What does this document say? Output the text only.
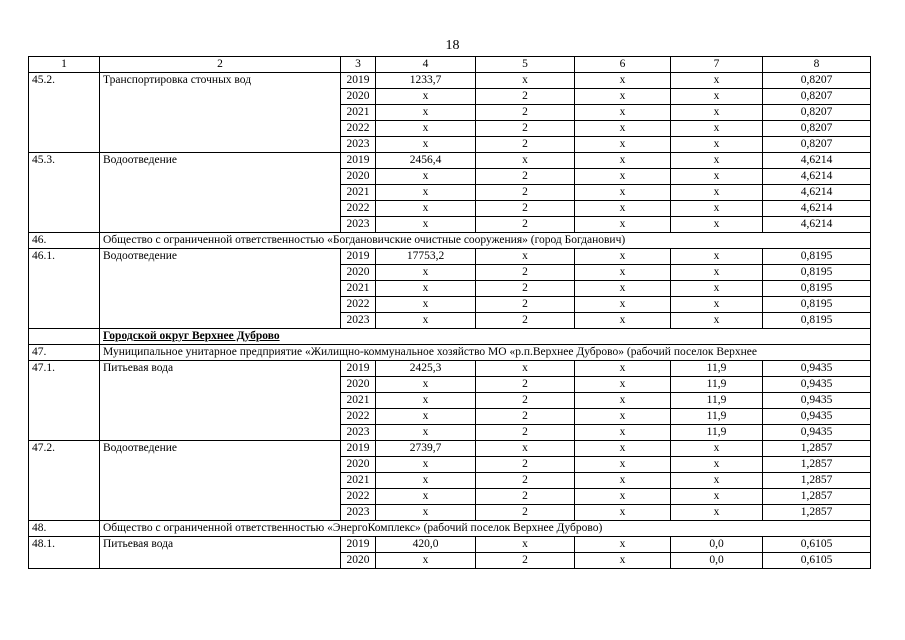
18
1	2	3	4	5	6	7	8
45.2.	Транспортировка сточных вод	2019	1233,7	x	x	x	0,8207
		2020	x	2	x	x	0,8207
		2021	x	2	x	x	0,8207
		2022	x	2	x	x	0,8207
		2023	x	2	x	x	0,8207
45.3.	Водоотведение	2019	2456,4	x	x	x	4,6214
		2020	x	2	x	x	4,6214
		2021	x	2	x	x	4,6214
		2022	x	2	x	x	4,6214
		2023	x	2	x	x	4,6214
46.	Общество с ограниченной ответственностью «Богдановичские очистные сооружения» (город Богданович)						
46.1.	Водоотведение	2019	17753,2	x	x	x	0,8195
		2020	x	2	x	x	0,8195
		2021	x	2	x	x	0,8195
		2022	x	2	x	x	0,8195
		2023	x	2	x	x	0,8195
	Городской округ Верхнее Дуброво						
47.	Муниципальное унитарное предприятие «Жилищно-коммунальное хозяйство МО «р.п.Верхнее Дуброво» (рабочий поселок Верхнее						
47.1.	Питьевая вода	2019	2425,3	x	x	11,9	0,9435
		2020	x	2	x	11,9	0,9435
		2021	x	2	x	11,9	0,9435
		2022	x	2	x	11,9	0,9435
		2023	x	2	x	11,9	0,9435
47.2.	Водоотведение	2019	2739,7	x	x	x	1,2857
		2020	x	2	x	x	1,2857
		2021	x	2	x	x	1,2857
		2022	x	2	x	x	1,2857
		2023	x	2	x	x	1,2857
48.	Общество с ограниченной ответственностью «ЭнергоКомплекс» (рабочий поселок Верхнее Дуброво)						
48.1.	Питьевая вода	2019	420,0	x	x	0,0	0,6105
		2020	x	2	x	0,0	0,6105
